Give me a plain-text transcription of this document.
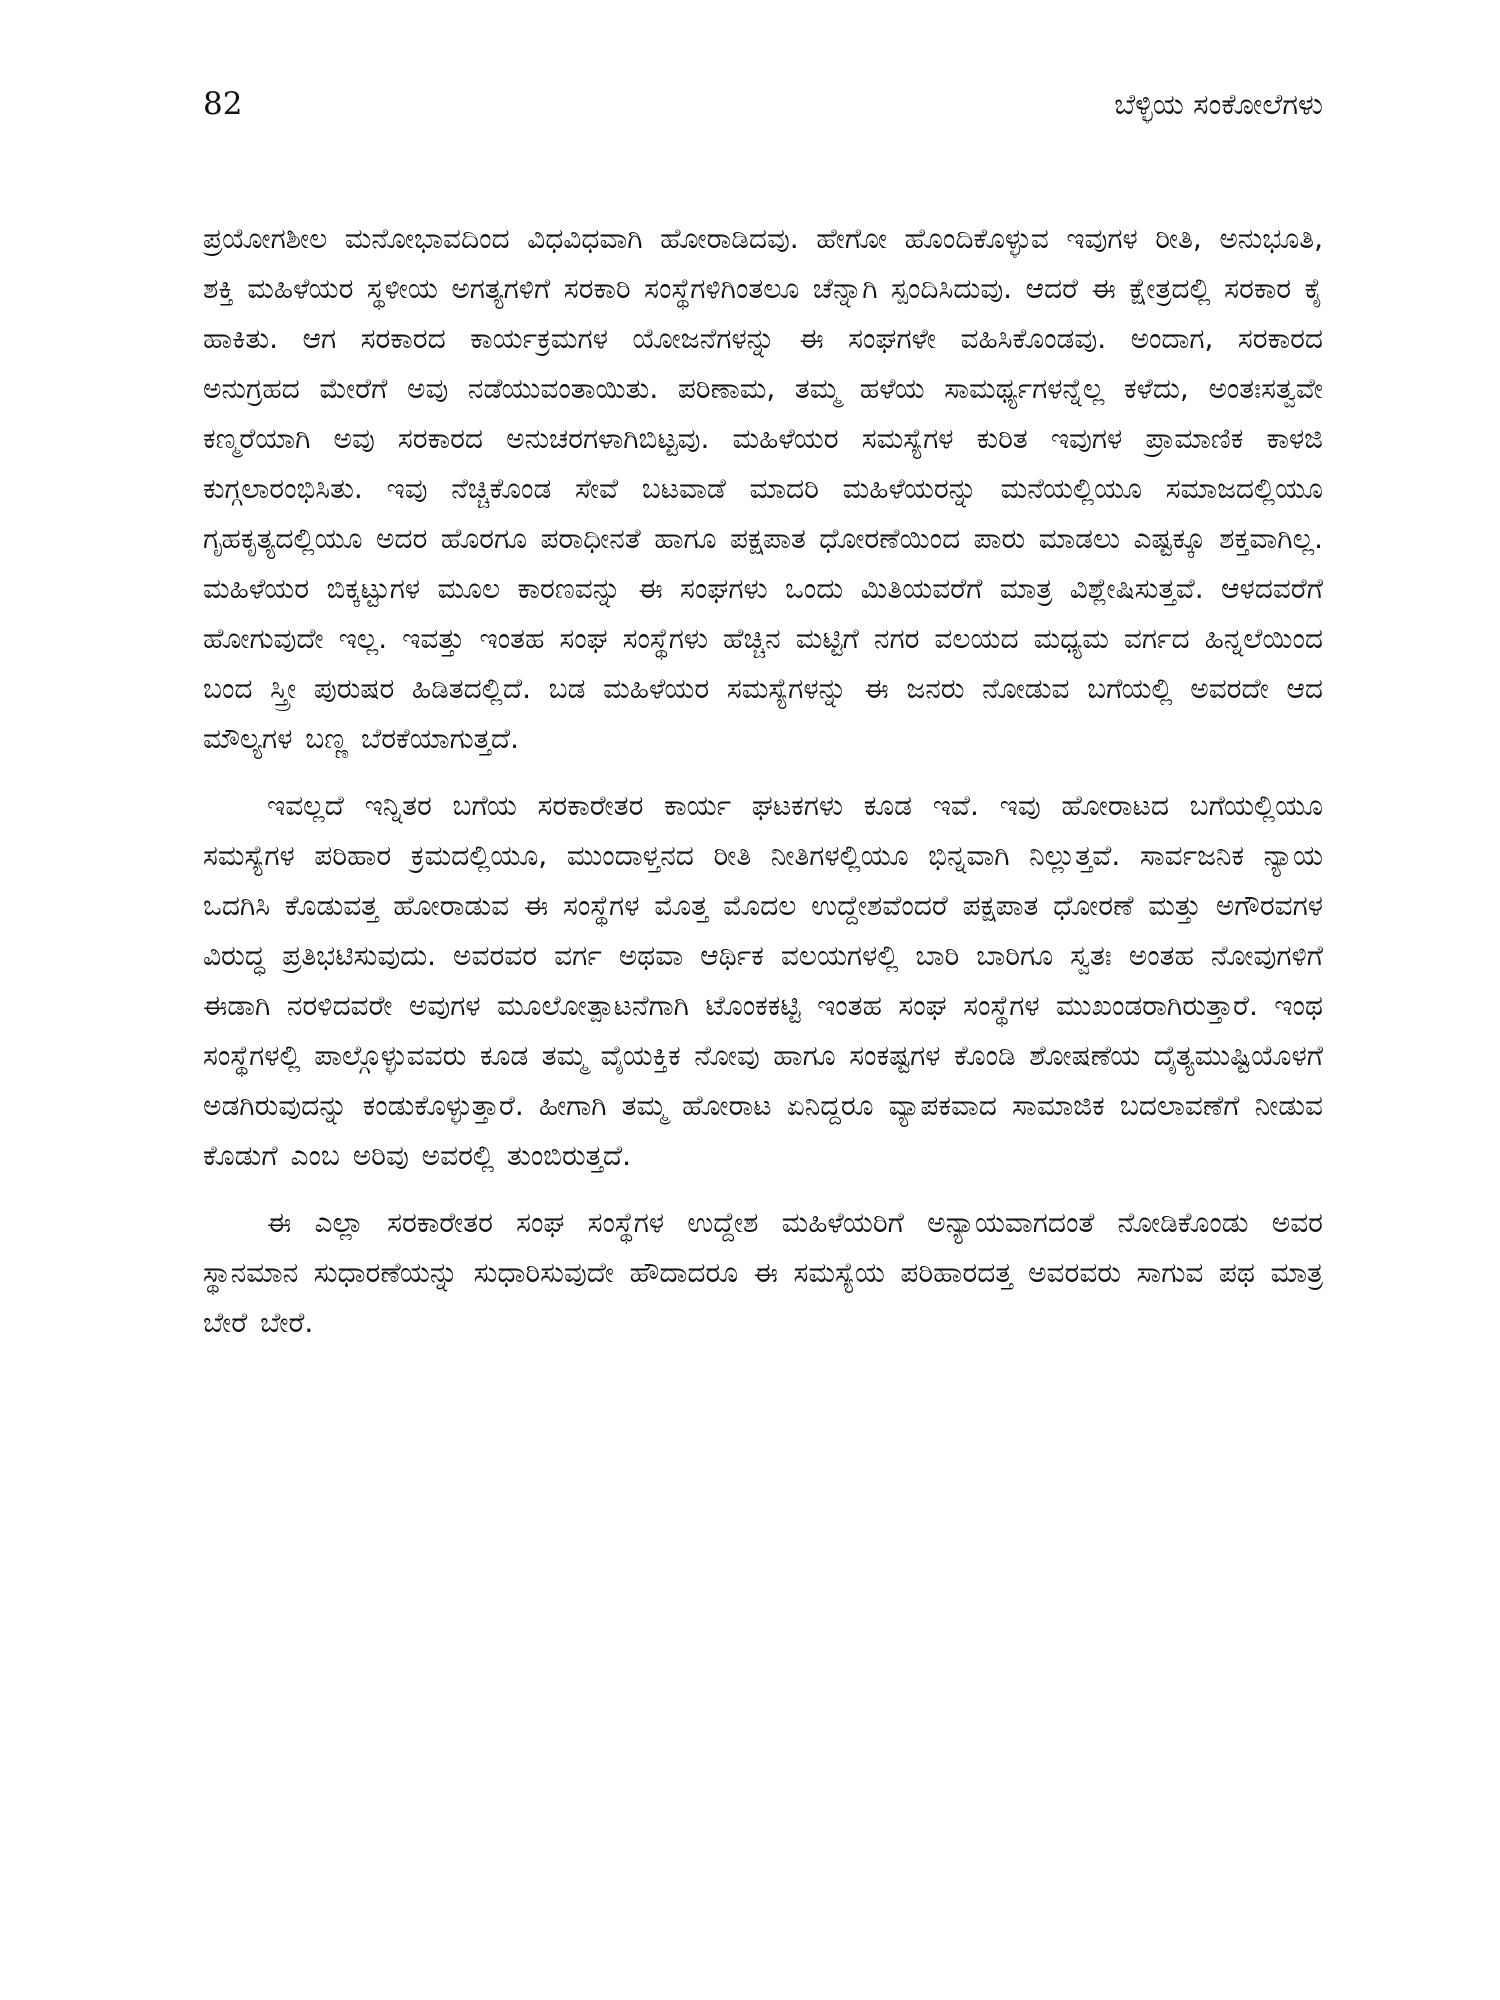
82	ಬೆಳ್ಳಿಯ ಸಂಕೋಲೆಗಳು

ಪ್ರಯೋಗಶೀಲ ಮನೋಭಾವದಿಂದ ವಿಧವಿಧವಾಗಿ ಹೋರಾಡಿದವು. ಹೇಗೋ ಹೊಂದಿಕೊಳ್ಳುವ ಇವುಗಳ ರೀತಿ, ಅನುಭೂತಿ, ಶಕ್ತಿ ಮಹಿಳೆಯರ ಸ್ಥಳೀಯ ಅಗತ್ಯಗಳಿಗೆ ಸರಕಾರಿ ಸಂಸ್ಥೆಗಳಿಗಿಂತಲೂ ಚೆನ್ನಾಗಿ ಸ್ಪಂದಿಸಿದುವು. ಆದರೆ ಈ ಕ್ಷೇತ್ರದಲ್ಲಿ ಸರಕಾರ ಕೈ ಹಾಕಿತು. ಆಗ ಸರಕಾರದ ಕಾರ್ಯಕ್ರಮಗಳ ಯೋಜನೆಗಳನ್ನು ಈ ಸಂಘಗಳೇ ವಹಿಸಿಕೊಂಡವು. ಅಂದಾಗ, ಸರಕಾರದ ಅನುಗ್ರಹದ ಮೇರೆಗೆ ಅವು ನಡೆಯುವಂತಾಯಿತು. ಪರಿಣಾಮ, ತಮ್ಮ ಹಳೆಯ ಸಾಮರ್ಥ್ಯಗಳನ್ನೆಲ್ಲ ಕಳೆದು, ಅಂತಃಸತ್ವವೇ ಕಣ್ಮರೆಯಾಗಿ ಅವು ಸರಕಾರದ ಅನುಚರಗಳಾಗಿಬಿಟ್ಟವು. ಮಹಿಳೆಯರ ಸಮಸ್ಯೆಗಳ ಕುರಿತ ಇವುಗಳ ಪ್ರಾಮಾಣಿಕ ಕಾಳಜಿ ಕುಗ್ಗಲಾರಂಭಿಸಿತು. ಇವು ನೆಚ್ಚಿಕೊಂಡ ಸೇವೆ ಬಟವಾಡೆ ಮಾದರಿ ಮಹಿಳೆಯರನ್ನು ಮನೆಯಲ್ಲಿಯೂ ಸಮಾಜದಲ್ಲಿಯೂ ಗೃಹಕೃತ್ಯದಲ್ಲಿಯೂ ಅದರ ಹೊರಗೂ ಪರಾಧೀನತೆ ಹಾಗೂ ಪಕ್ಷಪಾತ ಧೋರಣೆಯಿಂದ ಪಾರು ಮಾಡಲು ಎಷ್ಟಕ್ಕೂ ಶಕ್ತವಾಗಿಲ್ಲ. ಮಹಿಳೆಯರ ಬಿಕ್ಕಟ್ಟುಗಳ ಮೂಲ ಕಾರಣವನ್ನು ಈ ಸಂಘಗಳು ಒಂದು ಮಿತಿಯವರೆಗೆ ಮಾತ್ರ ವಿಶ್ಲೇಷಿಸುತ್ತವೆ. ಆಳದವರೆಗೆ ಹೋಗುವುದೇ ಇಲ್ಲ. ಇವತ್ತು ಇಂತಹ ಸಂಘ ಸಂಸ್ಥೆಗಳು ಹೆಚ್ಚಿನ ಮಟ್ಟಿಗೆ ನಗರ ವಲಯದ ಮಧ್ಯಮ ವರ್ಗದ ಹಿನ್ನಲೆಯಿಂದ ಬಂದ ಸ್ತ್ರೀ ಪುರುಷರ ಹಿಡಿತದಲ್ಲಿದೆ. ಬಡ ಮಹಿಳೆಯರ ಸಮಸ್ಯೆಗಳನ್ನು ಈ ಜನರು ನೋಡುವ ಬಗೆಯಲ್ಲಿ ಅವರದೇ ಆದ ಮೌಲ್ಯಗಳ ಬಣ್ಣ ಬೆರಕೆಯಾಗುತ್ತದೆ.

ಇವಲ್ಲದೆ ಇನ್ನಿತರ ಬಗೆಯ ಸರಕಾರೇತರ ಕಾರ್ಯ ಘಟಕಗಳು ಕೂಡ ಇವೆ. ಇವು ಹೋರಾಟದ ಬಗೆಯಲ್ಲಿಯೂ ಸಮಸ್ಯೆಗಳ ಪರಿಹಾರ ಕ್ರಮದಲ್ಲಿಯೂ, ಮುಂದಾಳ್ತನದ ರೀತಿ ನೀತಿಗಳಲ್ಲಿಯೂ ಭಿನ್ನವಾಗಿ ನಿಲ್ಲುತ್ತವೆ. ಸಾರ್ವಜನಿಕ ನ್ಯಾಯ ಒದಗಿಸಿ ಕೊಡುವತ್ತ ಹೋರಾಡುವ ಈ ಸಂಸ್ಥೆಗಳ ಮೊತ್ತ ಮೊದಲ ಉದ್ದೇಶವೆಂದರೆ ಪಕ್ಷಪಾತ ಧೋರಣೆ ಮತ್ತು ಅಗೌರವಗಳ ವಿರುದ್ಧ ಪ್ರತಿಭಟಿಸುವುದು. ಅವರವರ ವರ್ಗ ಅಥವಾ ಆರ್ಥಿಕ ವಲಯಗಳಲ್ಲಿ ಬಾರಿ ಬಾರಿಗೂ ಸ್ವತಃ ಅಂತಹ ನೋವುಗಳಿಗೆ ಈಡಾಗಿ ನರಳಿದವರೇ ಅವುಗಳ ಮೂಲೋತ್ಪಾಟನೆಗಾಗಿ ಟೊಂಕಕಟ್ಟಿ ಇಂತಹ ಸಂಘ ಸಂಸ್ಥೆಗಳ ಮುಖಂಡರಾಗಿರುತ್ತಾರೆ. ಇಂಥ ಸಂಸ್ಥೆಗಳಲ್ಲಿ ಪಾಲ್ಗೊಳ್ಳುವವರು ಕೂಡ ತಮ್ಮ ವೈಯಕ್ತಿಕ ನೋವು ಹಾಗೂ ಸಂಕಷ್ಟಗಳ ಕೊಂಡಿ ಶೋಷಣೆಯ ದೈತ್ಯಮುಷ್ಟಿಯೊಳಗೆ ಅಡಗಿರುವುದನ್ನು ಕಂಡುಕೊಳ್ಳುತ್ತಾರೆ. ಹೀಗಾಗಿ ತಮ್ಮ ಹೋರಾಟ ಏನಿದ್ದರೂ ವ್ಯಾಪಕವಾದ ಸಾಮಾಜಿಕ ಬದಲಾವಣೆಗೆ ನೀಡುವ ಕೊಡುಗೆ ಎಂಬ ಅರಿವು ಅವರಲ್ಲಿ ತುಂಬಿರುತ್ತದೆ.

ಈ ಎಲ್ಲಾ ಸರಕಾರೇತರ ಸಂಘ ಸಂಸ್ಥೆಗಳ ಉದ್ದೇಶ ಮಹಿಳೆಯರಿಗೆ ಅನ್ಯಾಯವಾಗದಂತೆ ನೋಡಿಕೊಂಡು ಅವರ ಸ್ಥಾನಮಾನ ಸುಧಾರಣೆಯನ್ನು ಸುಧಾರಿಸುವುದೇ ಹೌದಾದರೂ ಈ ಸಮಸ್ಯೆಯ ಪರಿಹಾರದತ್ತ ಅವರವರು ಸಾಗುವ ಪಥ ಮಾತ್ರ ಬೇರೆ ಬೇರೆ.
